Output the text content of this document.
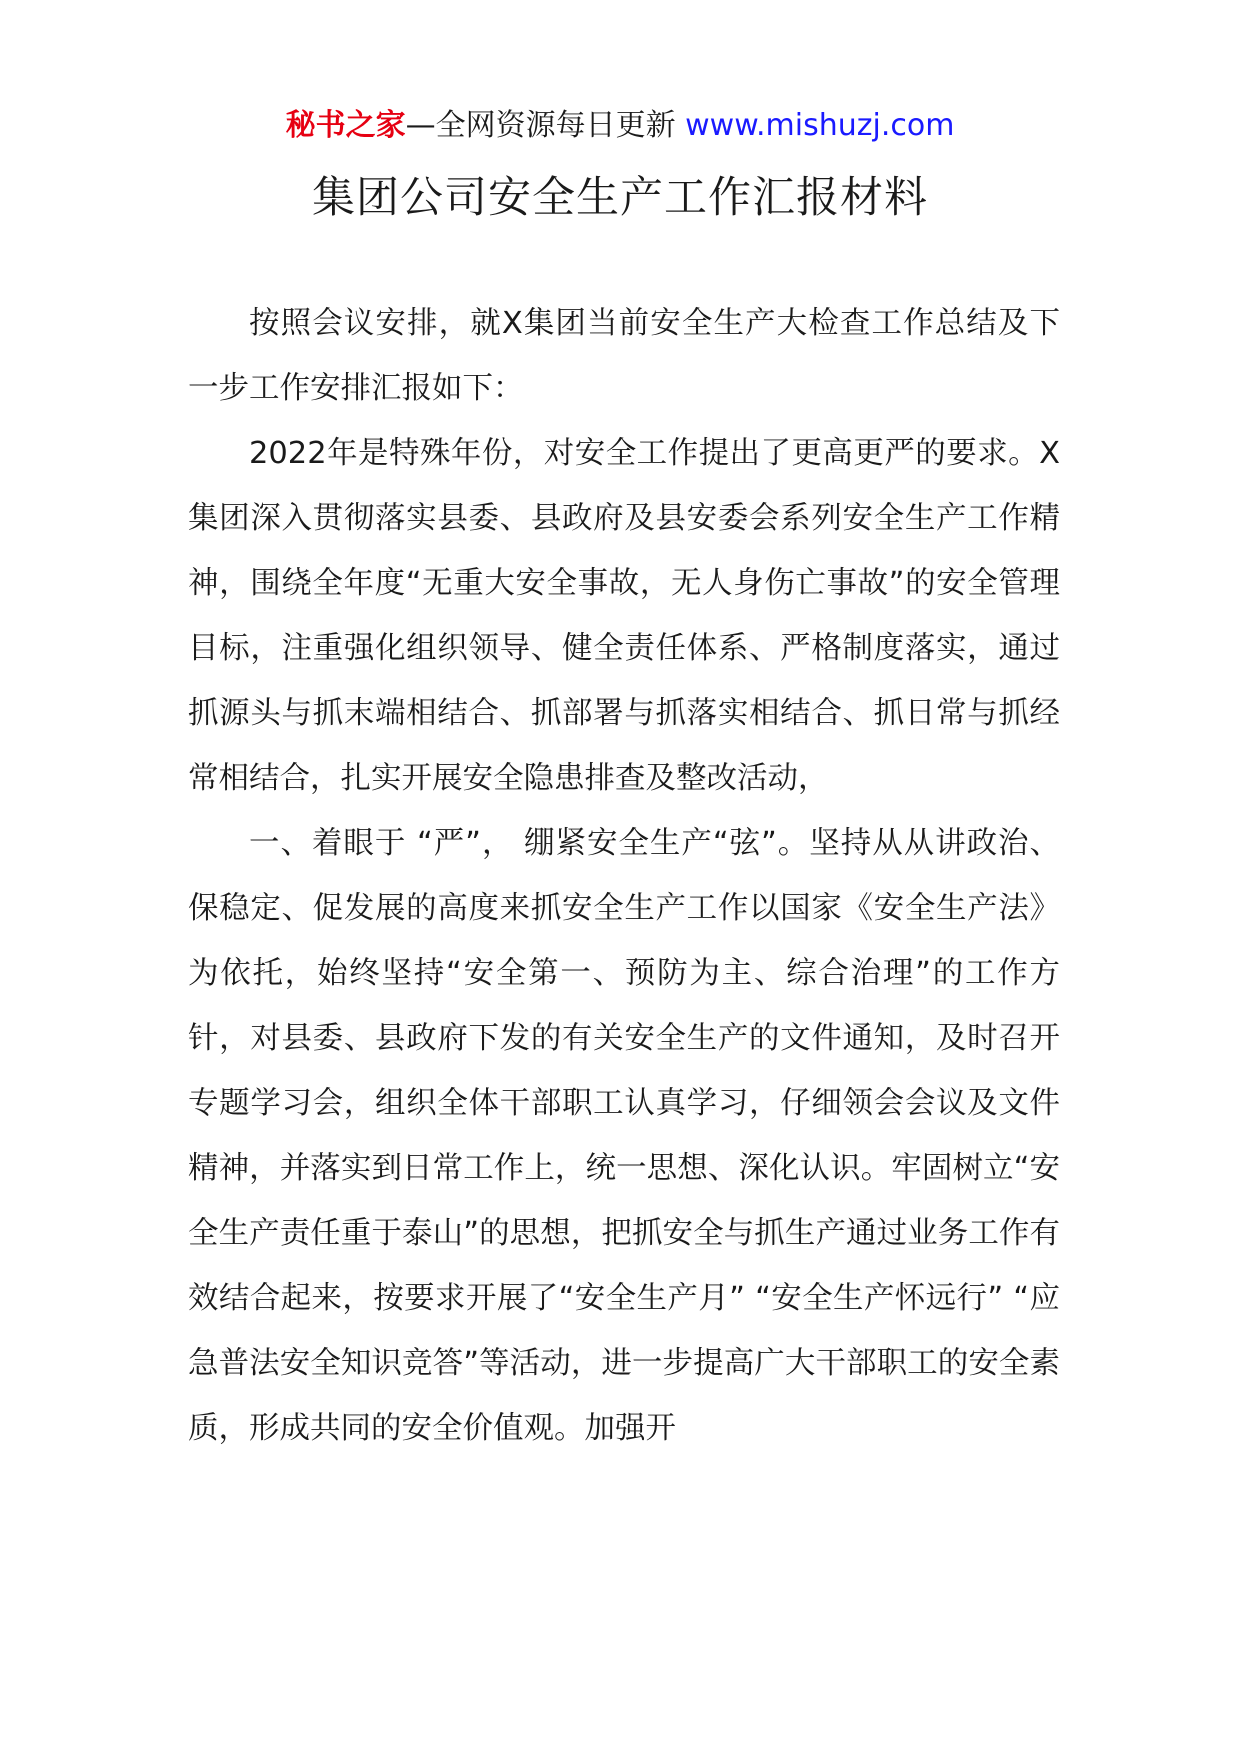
秘书之家—全网资源每日更新 www.mishuzj.com
集团公司安全生产工作汇报材料

按照会议安排，就X集团当前安全生产大检查工作总结及下一步工作安排汇报如下：

2022年是特殊年份，对安全工作提出了更高更严的要求。X集团深入贯彻落实县委、县政府及县安委会系列安全生产工作精神，围绕全年度“无重大安全事故，无人身伤亡事故”的安全管理目标，注重强化组织领导、健全责任体系、严格制度落实，通过抓源头与抓末端相结合、抓部署与抓落实相结合、抓日常与抓经常相结合，扎实开展安全隐患排查及整改活动，

一、着眼于 “严”， 绷紧安全生产“弦”。坚持从从讲政治、保稳定、促发展的高度来抓安全生产工作以国家《安全生产法》为依托，始终坚持“安全第一、预防为主、综合治理”的工作方针，对县委、县政府下发的有关安全生产的文件通知，及时召开专题学习会，组织全体干部职工认真学习，仔细领会会议及文件精神，并落实到日常工作上，统一思想、深化认识。牢固树立“安全生产责任重于泰山”的思想，把抓安全与抓生产通过业务工作有效结合起来，按要求开展了“安全生产月” “安全生产怀远行” “应急普法安全知识竞答”等活动，进一步提高广大干部职工的安全素质，形成共同的安全价值观。加强开
